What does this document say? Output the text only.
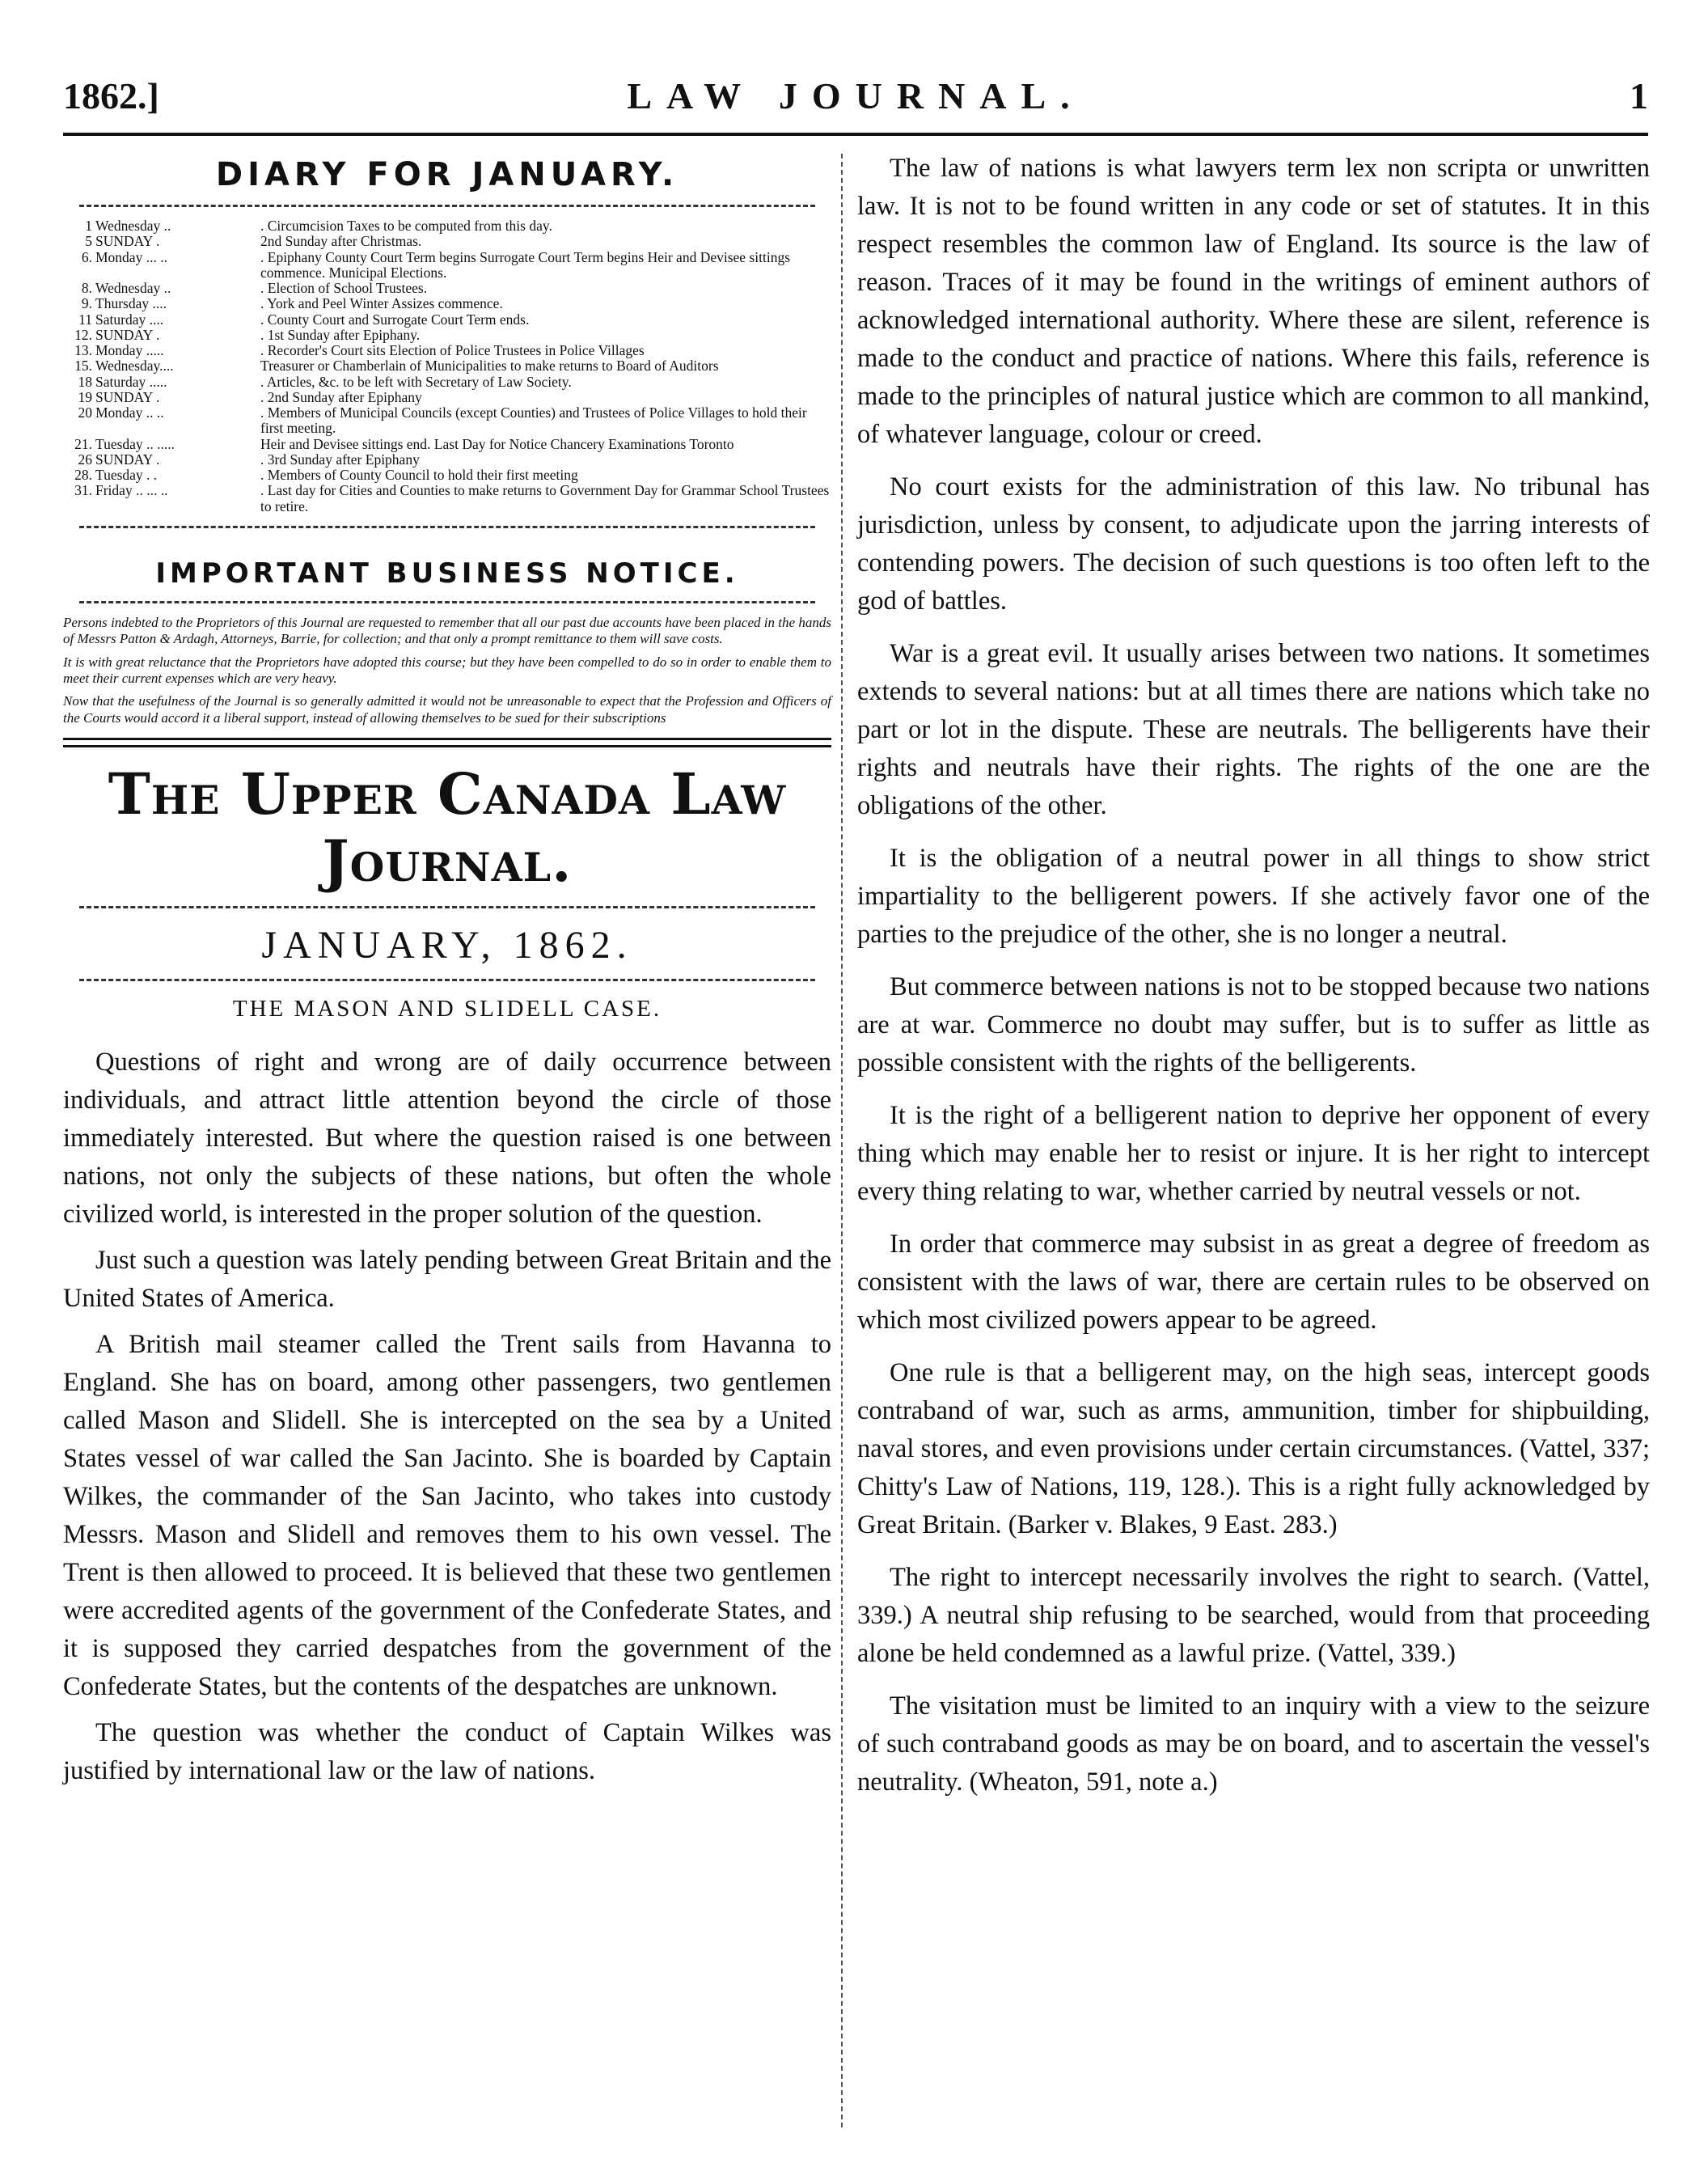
1862.]	LAW JOURNAL.	1
DIARY FOR JANUARY.
1	Wednesday ..	. Circumcision Taxes to be computed from this day.
5	SUNDAY .	2nd Sunday after Christmas.
6.	Monday ... ..	. Epiphany County Court Term begins Surrogate Court Term begins Heir and Devisee sittings commence. Municipal Elections.
8.	Wednesday ..	. Election of School Trustees.
9.	Thursday ....	. York and Peel Winter Assizes commence.
11	Saturday ....	. County Court and Surrogate Court Term ends.
12.	SUNDAY .	. 1st Sunday after Epiphany.
13.	Monday .....	. Recorder's Court sits Election of Police Trustees in Police Villages
15.	Wednesday....	Treasurer or Chamberlain of Municipalities to make returns to Board of Auditors
18	Saturday .....	. Articles, &c. to be left with Secretary of Law Society.
19	SUNDAY .	. 2nd Sunday after Epiphany
20	Monday .. ..	. Members of Municipal Councils (except Counties) and Trustees of Police Villages to hold their first meeting.
21.	Tuesday .. .....	Heir and Devisee sittings end. Last Day for Notice Chancery Examinations Toronto
26	SUNDAY .	. 3rd Sunday after Epiphany
28.	Tuesday . .	. Members of County Council to hold their first meeting
31.	Friday .. ... ..	. Last day for Cities and Counties to make returns to Government Day for Grammar School Trustees to retire.
IMPORTANT BUSINESS NOTICE.

Persons indebted to the Proprietors of this Journal are requested to remember that all our past due accounts have been placed in the hands of Messrs Patton & Ardagh, Attorneys, Barrie, for collection; and that only a prompt remittance to them will save costs.

It is with great reluctance that the Proprietors have adopted this course; but they have been compelled to do so in order to enable them to meet their current expenses which are very heavy.

Now that the usefulness of the Journal is so generally admitted it would not be unreasonable to expect that the Profession and Officers of the Courts would accord it a liberal support, instead of allowing themselves to be sued for their subscriptions

The Upper Canada Law Journal.
JANUARY, 1862.
THE MASON AND SLIDELL CASE.

Questions of right and wrong are of daily occurrence between individuals, and attract little attention beyond the circle of those immediately interested. But where the question raised is one between nations, not only the subjects of these nations, but often the whole civilized world, is interested in the proper solution of the question.

Just such a question was lately pending between Great Britain and the United States of America.

A British mail steamer called the Trent sails from Havanna to England. She has on board, among other passengers, two gentlemen called Mason and Slidell. She is intercepted on the sea by a United States vessel of war called the San Jacinto. She is boarded by Captain Wilkes, the commander of the San Jacinto, who takes into custody Messrs. Mason and Slidell and removes them to his own vessel. The Trent is then allowed to proceed. It is believed that these two gentlemen were accredited agents of the government of the Confederate States, and it is supposed they carried despatches from the government of the Confederate States, but the contents of the despatches are unknown.

The question was whether the conduct of Captain Wilkes was justified by international law or the law of nations.

The law of nations is what lawyers term lex non scripta or unwritten law. It is not to be found written in any code or set of statutes. It in this respect resembles the common law of England. Its source is the law of reason. Traces of it may be found in the writings of eminent authors of acknowledged international authority. Where these are silent, reference is made to the conduct and practice of nations. Where this fails, reference is made to the principles of natural justice which are common to all mankind, of whatever language, colour or creed.

No court exists for the administration of this law. No tribunal has jurisdiction, unless by consent, to adjudicate upon the jarring interests of contending powers. The decision of such questions is too often left to the god of battles.

War is a great evil. It usually arises between two nations. It sometimes extends to several nations: but at all times there are nations which take no part or lot in the dispute. These are neutrals. The belligerents have their rights and neutrals have their rights. The rights of the one are the obligations of the other.

It is the obligation of a neutral power in all things to show strict impartiality to the belligerent powers. If she actively favor one of the parties to the prejudice of the other, she is no longer a neutral.

But commerce between nations is not to be stopped because two nations are at war. Commerce no doubt may suffer, but is to suffer as little as possible consistent with the rights of the belligerents.

It is the right of a belligerent nation to deprive her opponent of every thing which may enable her to resist or injure. It is her right to intercept every thing relating to war, whether carried by neutral vessels or not.

In order that commerce may subsist in as great a degree of freedom as consistent with the laws of war, there are certain rules to be observed on which most civilized powers appear to be agreed.

One rule is that a belligerent may, on the high seas, intercept goods contraband of war, such as arms, ammunition, timber for shipbuilding, naval stores, and even provisions under certain circumstances. (Vattel, 337; Chitty's Law of Nations, 119, 128.). This is a right fully acknowledged by Great Britain. (Barker v. Blakes, 9 East. 283.)

The right to intercept necessarily involves the right to search. (Vattel, 339.) A neutral ship refusing to be searched, would from that proceeding alone be held condemned as a lawful prize. (Vattel, 339.)

The visitation must be limited to an inquiry with a view to the seizure of such contraband goods as may be on board, and to ascertain the vessel's neutrality. (Wheaton, 591, note a.)
